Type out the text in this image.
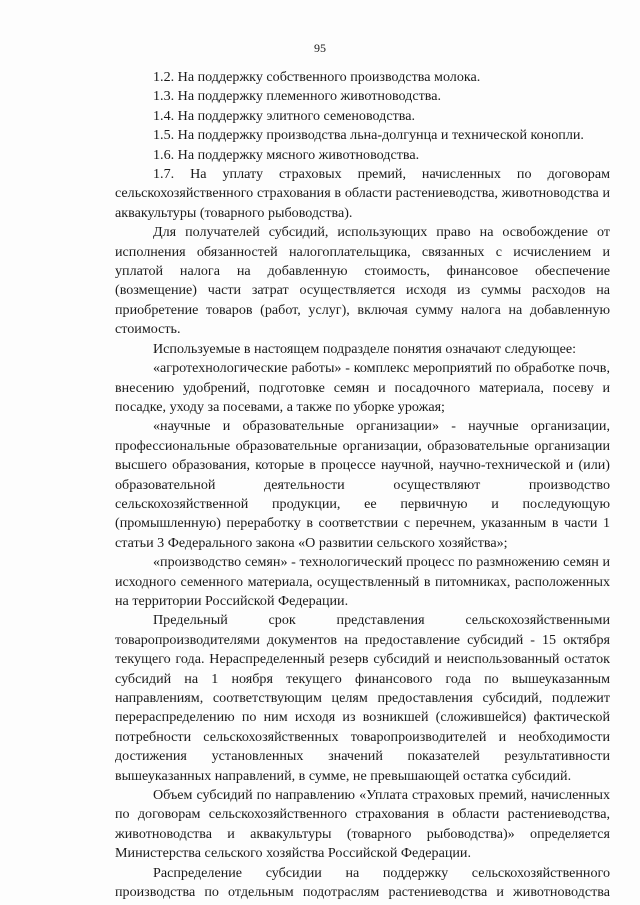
95

1.2. На поддержку собственного производства молока.

1.3. На поддержку племенного животноводства.

1.4. На поддержку элитного семеноводства.

1.5. На поддержку производства льна-долгунца и технической конопли.

1.6. На поддержку мясного животноводства.

1.7. На уплату страховых премий, начисленных по договорам сельскохозяйственного страхования в области растениеводства, животноводства и аквакультуры (товарного рыбоводства).

Для получателей субсидий, использующих право на освобождение от исполнения обязанностей налогоплательщика, связанных с исчислением и уплатой налога на добавленную стоимость, финансовое обеспечение (возмещение) части затрат осуществляется исходя из суммы расходов на приобретение товаров (работ, услуг), включая сумму налога на добавленную стоимость.

Используемые в настоящем подразделе понятия означают следующее:

«агротехнологические работы» - комплекс мероприятий по обработке почв, внесению удобрений, подготовке семян и посадочного материала, посеву и посадке, уходу за посевами, а также по уборке урожая;

«научные и образовательные организации» - научные организации, профессиональные образовательные организации, образовательные организации высшего образования, которые в процессе научной, научно-технической и (или) образовательной деятельности осуществляют производство сельскохозяйственной продукции, ее первичную и последующую (промышленную) переработку в соответствии с перечнем, указанным в части 1 статьи 3 Федерального закона «О развитии сельского хозяйства»;

«производство семян» - технологический процесс по размножению семян и исходного семенного материала, осуществленный в питомниках, расположенных на территории Российской Федерации.

Предельный срок представления сельскохозяйственными товаропроизводителями документов на предоставление субсидий - 15 октября текущего года. Нераспределенный резерв субсидий и неиспользованный остаток субсидий на 1 ноября текущего финансового года по вышеуказанным направлениям, соответствующим целям предоставления субсидий, подлежит перераспределению по ним исходя из возникшей (сложившейся) фактической потребности сельскохозяйственных товаропроизводителей и необходимости достижения установленных значений показателей результативности вышеуказанных направлений, в сумме, не превышающей остатка субсидий.

Объем субсидий по направлению «Уплата страховых премий, начисленных по договорам сельскохозяйственного страхования в области растениеводства, животноводства и аквакультуры (товарного рыбоводства)» определяется Министерства сельского хозяйства Российской Федерации.

Распределение субсидии на поддержку сельскохозяйственного производства по отдельным подотраслям растениеводства и животноводства
